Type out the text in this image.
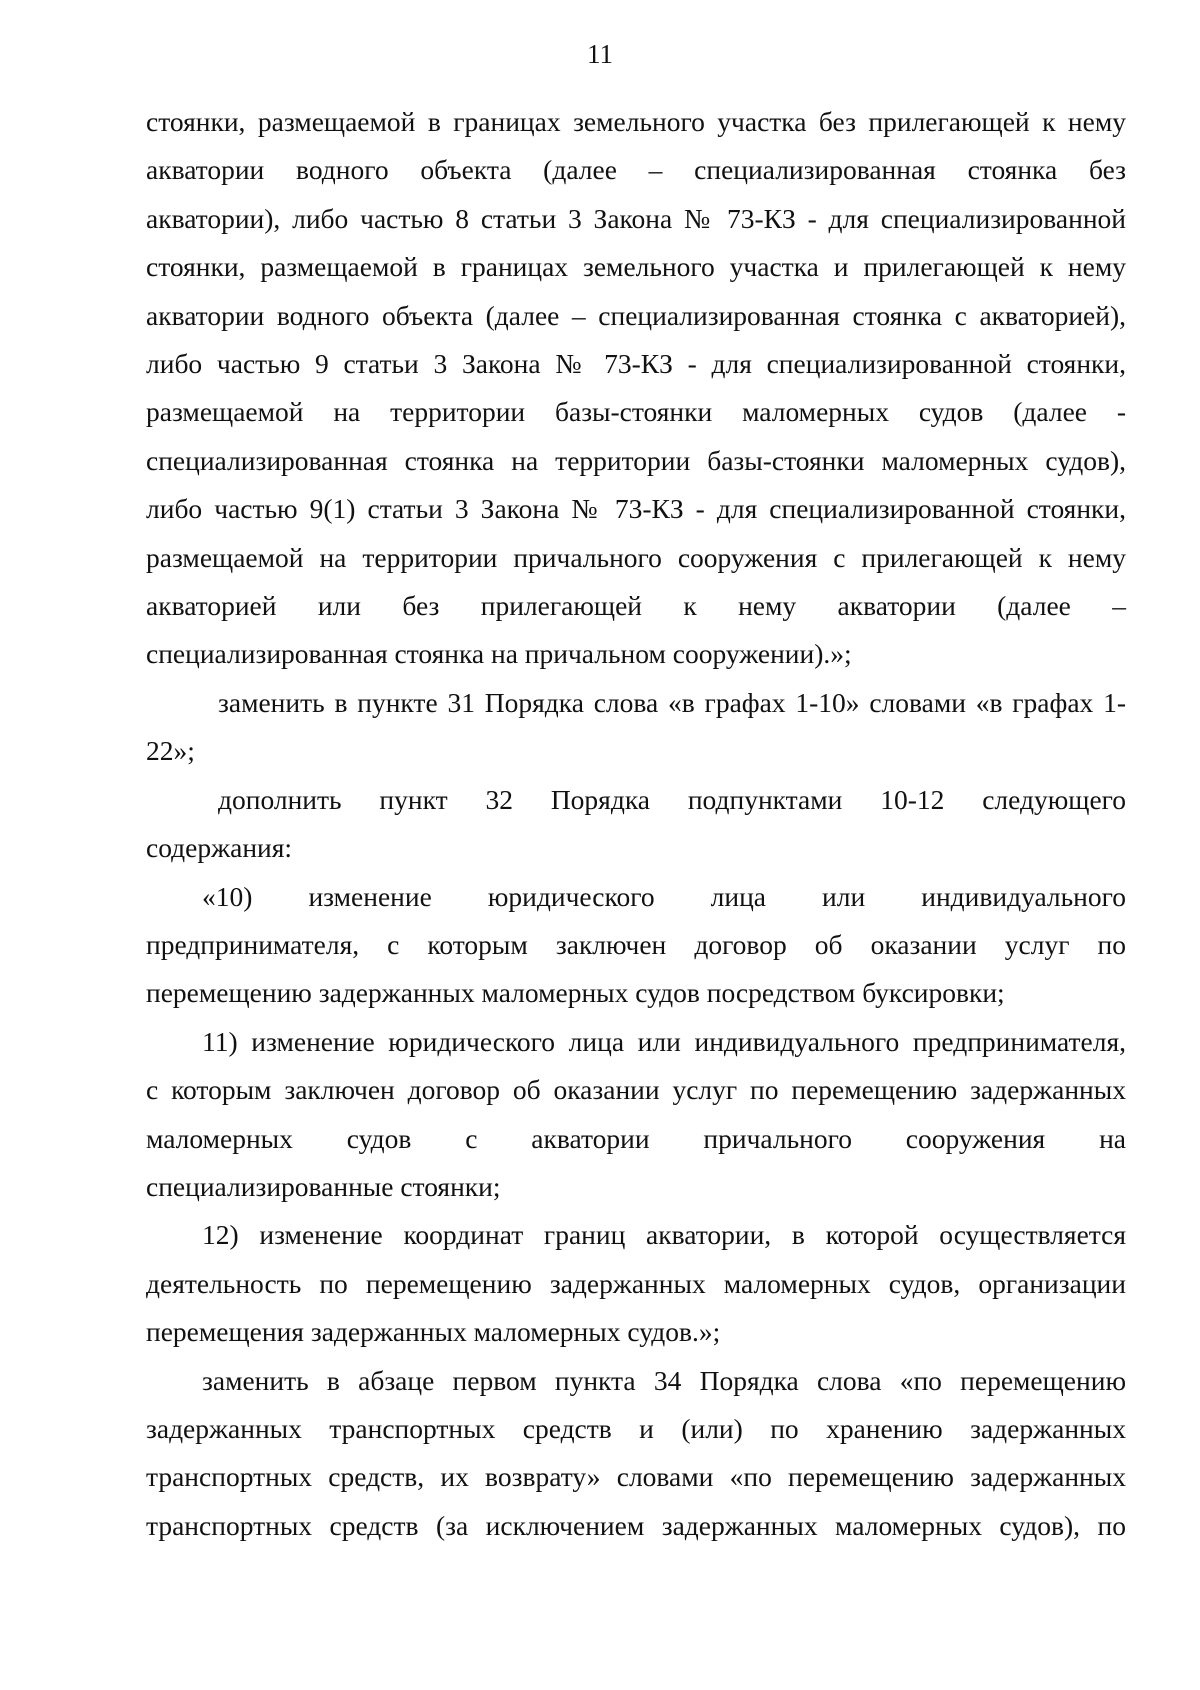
11
стоянки, размещаемой в границах земельного участка без прилегающей к нему
акватории водного объекта (далее – специализированная стоянка без
акватории), либо частью 8 статьи 3 Закона № 73-КЗ - для специализированной
стоянки, размещаемой в границах земельного участка и прилегающей к нему
акватории водного объекта (далее – специализированная стоянка с акваторией),
либо частью 9 статьи 3 Закона № 73-КЗ - для специализированной стоянки,
размещаемой на территории базы-стоянки маломерных судов (далее -
специализированная стоянка на территории базы-стоянки маломерных судов),
либо частью 9(1) статьи 3 Закона № 73-КЗ - для специализированной стоянки,
размещаемой на территории причального сооружения с прилегающей к нему
акваторией или без прилегающей к нему акватории (далее –
специализированная стоянка на причальном сооружении).»;
заменить в пункте 31 Порядка слова «в графах 1-10» словами «в графах 1-
22»;
дополнить пункт 32 Порядка подпунктами 10-12 следующего
содержания:
«10) изменение юридического лица или индивидуального
предпринимателя, с которым заключен договор об оказании услуг по
перемещению задержанных маломерных судов посредством буксировки;
11) изменение юридического лица или индивидуального предпринимателя,
с которым заключен договор об оказании услуг по перемещению задержанных
маломерных судов с акватории причального сооружения на
специализированные стоянки;
12) изменение координат границ акватории, в которой осуществляется
деятельность по перемещению задержанных маломерных судов, организации
перемещения задержанных маломерных судов.»;
заменить в абзаце первом пункта 34 Порядка слова «по перемещению
задержанных транспортных средств и (или) по хранению задержанных
транспортных средств, их возврату» словами «по перемещению задержанных
транспортных средств (за исключением задержанных маломерных судов), по
